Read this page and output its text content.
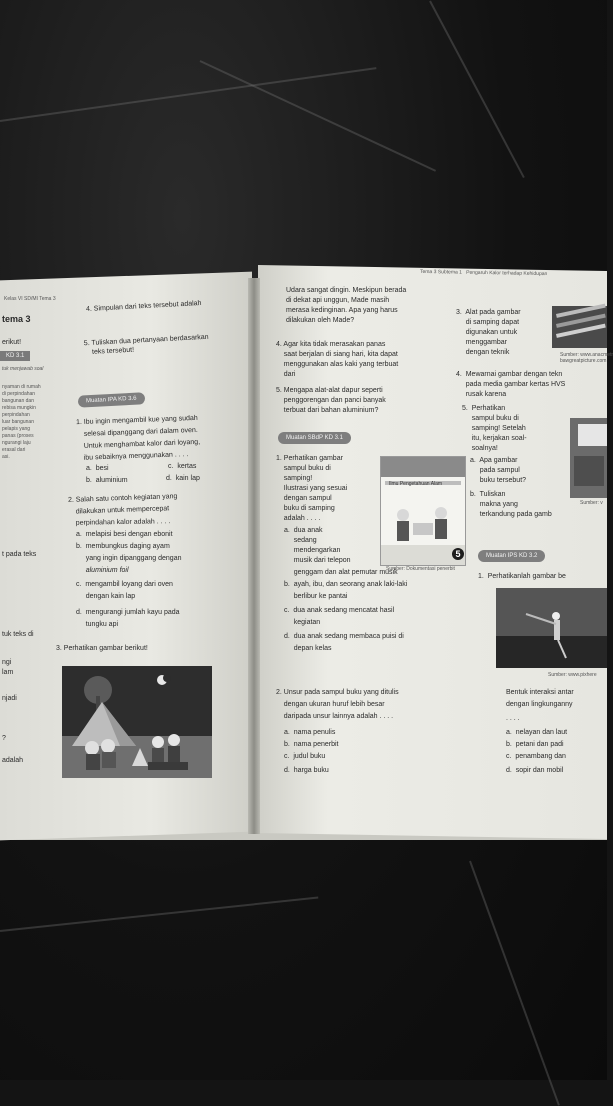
Kelas VI SD/MI Tema 3
tema 3
erikut!
KD 3.1
tuk menjawab soal
nyaman di rumah
di perpindahan
bangunan dan
rebisa mungkin
perpindahan
luar bangunan
pelapis yang
panas (proses
ngurangi laju
erasal dari
asi.
t pada teks
tuk teks di
ngi
lam
njadi
?
adalah
4. Simpulan dari teks tersebut adalah
5. Tuliskan dua pertanyaan berdasarkan
teks tersebut!
Muatan IPA KD 3.6
1. Ibu ingin mengambil kue yang sudah
selesai dipanggang dari dalam oven.
Untuk menghambat kalor dari loyang,
ibu sebaiknya menggunakan . . . .
a.  besi	c.  kertas
b.  aluminium	d.  kain lap
2. Salah satu contoh kegiatan yang
dilakukan untuk mempercepat
perpindahan kalor adalah . . . .
a.  melapisi besi dengan ebonit
b.  membungkus daging ayam
yang ingin dipanggang dengan
aluminium foil
c.  mengambil loyang dari oven
dengan kain lap
d.  mengurangi jumlah kayu pada
tungku api
3. Perhatikan gambar berikut!
Tema 3 Subtema 1   Pengaruh Kalor terhadap Kehidupan
Udara sangat dingin. Meskipun berada
di dekat api unggun, Made masih
merasa kedinginan. Apa yang harus
dilakukan oleh Made?
4. Agar kita tidak merasakan panas
saat berjalan di siang hari, kita dapat
menggunakan alas kaki yang terbuat
dari
5. Mengapa alat-alat dapur seperti
penggorengan dan panci banyak
terbuat dari bahan aluminium?
Muatan SBdP KD 3.1
1. Perhatikan gambar
sampul buku di
samping!
Ilustrasi yang sesuai
dengan sampul
buku di samping
adalah . . . .
Ilmu Pengetahuan Alam
5
Sumber: Dokumentasi penerbit
a.  dua anak
sedang
mendengarkan
musik dari telepon
genggam dan alat pemutar musik
b.  ayah, ibu, dan seorang anak laki-laki
berlibur ke pantai
c.  dua anak sedang mencatat hasil
kegiatan
d.  dua anak sedang membaca puisi di
depan kelas
2. Unsur pada sampul buku yang ditulis
dengan ukuran huruf lebih besar
daripada unsur lainnya adalah . . . .
a.  nama penulis
b.  nama penerbit
c.  judul buku
d.  harga buku
3.  Alat pada gambar
di samping dapat
digunakan untuk
menggambar
dengan teknik	Sumber: www.anacmetr
bawgreatpicture.com
4.  Mewarnai gambar dengan tekn
pada media gambar kertas HVS
rusak karena
5.  Perhatikan
sampul buku di
samping! Setelah
itu, kerjakan soal-
soalnya!
a.  Apa gambar
pada sampul
buku tersebut?
b.  Tuliskan
makna yang
terkandung pada gamb
Sumber: v
Muatan IPS KD 3.2
1.  Perhatikanlah gambar be
Sumber: www.pixhere
Bentuk interaksi antar
dengan lingkunganny
. . . .
a.  nelayan dan laut
b.  petani dan padi
c.  penambang dan
d.  sopir dan mobil
